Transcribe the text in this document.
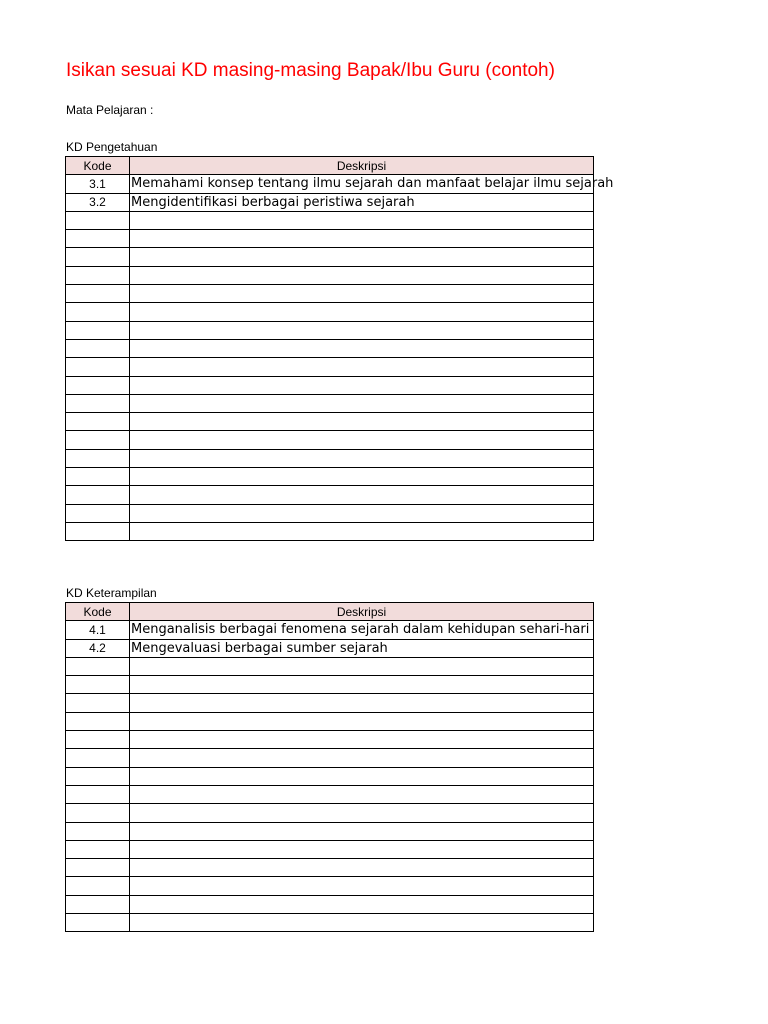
Isikan sesuai KD masing-masing Bapak/Ibu Guru (contoh)
Mata Pelajaran :
KD Pengetahuan
Kode	Deskripsi
3.1	Memahami konsep tentang ilmu sejarah dan manfaat belajar ilmu sejarah
3.2	Mengidentifikasi berbagai peristiwa sejarah

KD Keterampilan
Kode	Deskripsi
4.1	Menganalisis berbagai fenomena sejarah dalam kehidupan sehari-hari
4.2	Mengevaluasi berbagai sumber sejarah
